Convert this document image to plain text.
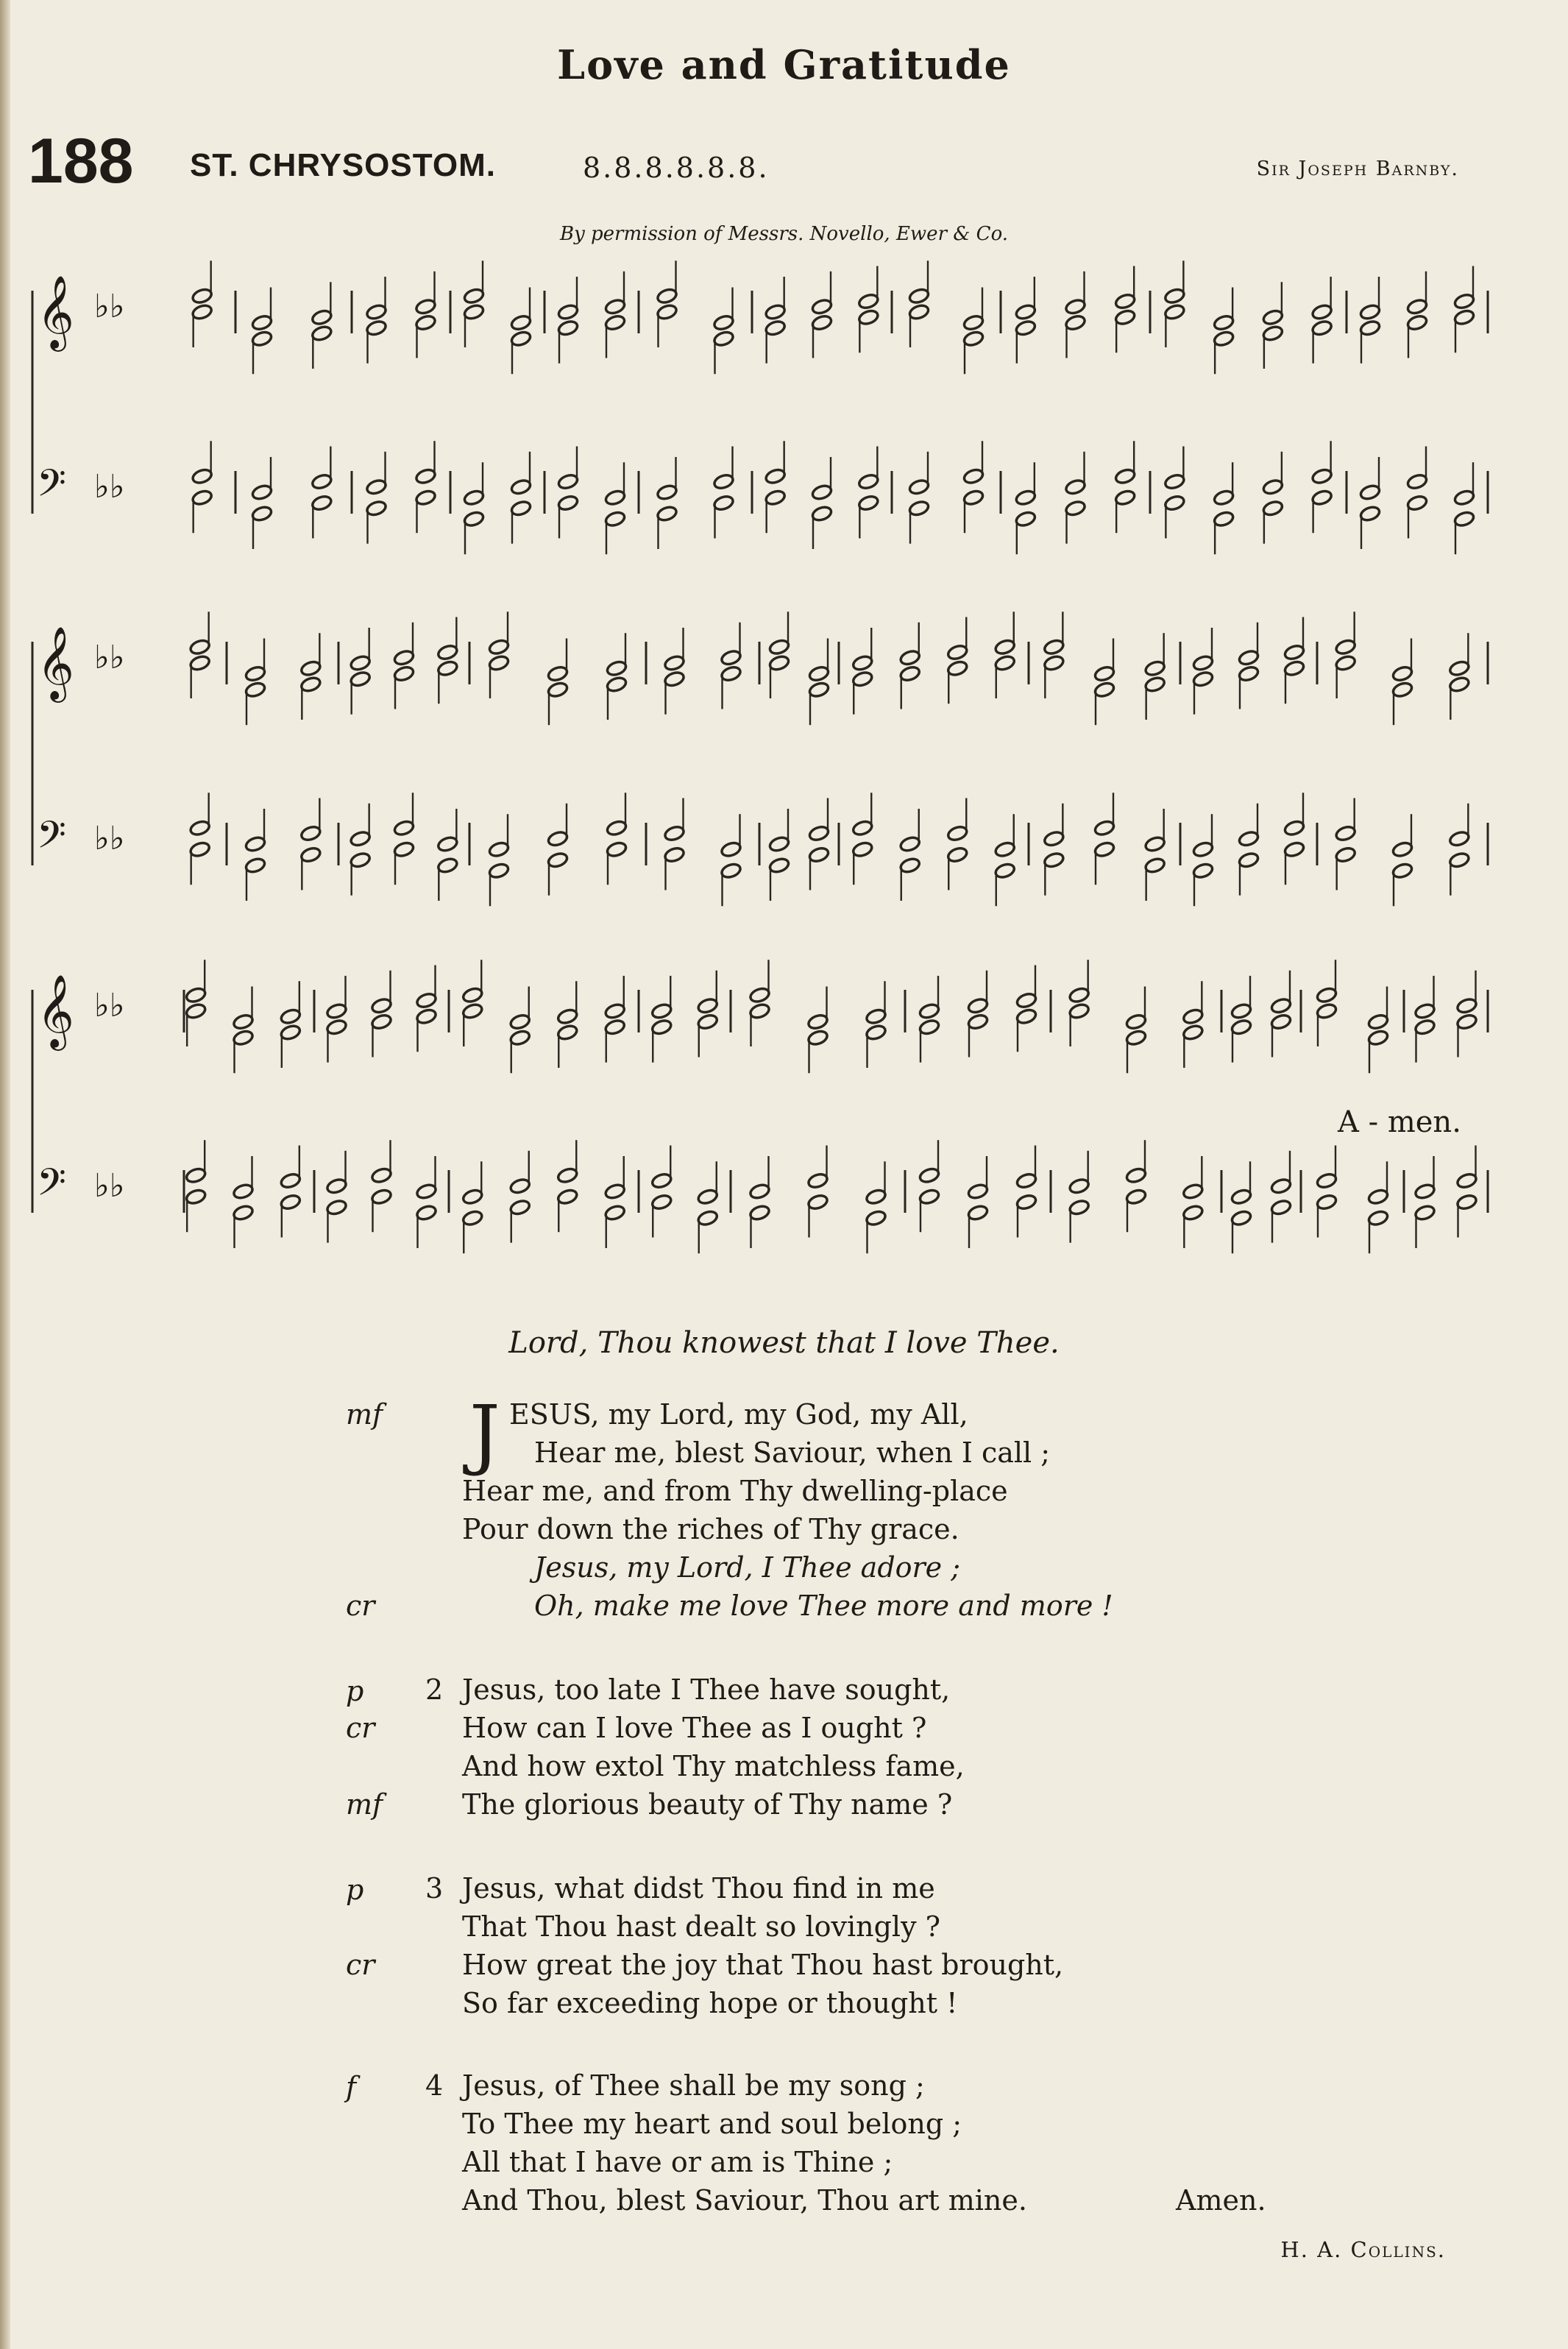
Love and Gratitude
188 ST. CHRYSOSTOM.	8.8.8.8.8.8.	Sir Joseph Barnby.
By permission of Messrs. Novello, Ewer & Co.
𝄞 ♭♭
𝄢 ♭♭
𝄞 ♭♭
𝄢 ♭♭
𝄞 ♭♭
𝄢 ♭♭
A - men.
Lord, Thou knowest that I love Thee.
mf J ESUS, my Lord, my God, my All,
Hear me, blest Saviour, when I call ;
Hear me, and from Thy dwelling-place
Pour down the riches of Thy grace.
Jesus, my Lord, I Thee adore ;
cr	Oh, make me love Thee more and more !
p 2 Jesus, too late I Thee have sought,
cr	How can I love Thee as I ought ?
And how extol Thy matchless fame,
mf	The glorious beauty of Thy name ?
p 3 Jesus, what didst Thou find in me
That Thou hast dealt so lovingly ?
cr	How great the joy that Thou hast brought,
So far exceeding hope or thought !
f 4 Jesus, of Thee shall be my song ;
To Thee my heart and soul belong ;
All that I have or am is Thine ;
And Thou, blest Saviour, Thou art mine.	Amen.
H. A. Collins.
